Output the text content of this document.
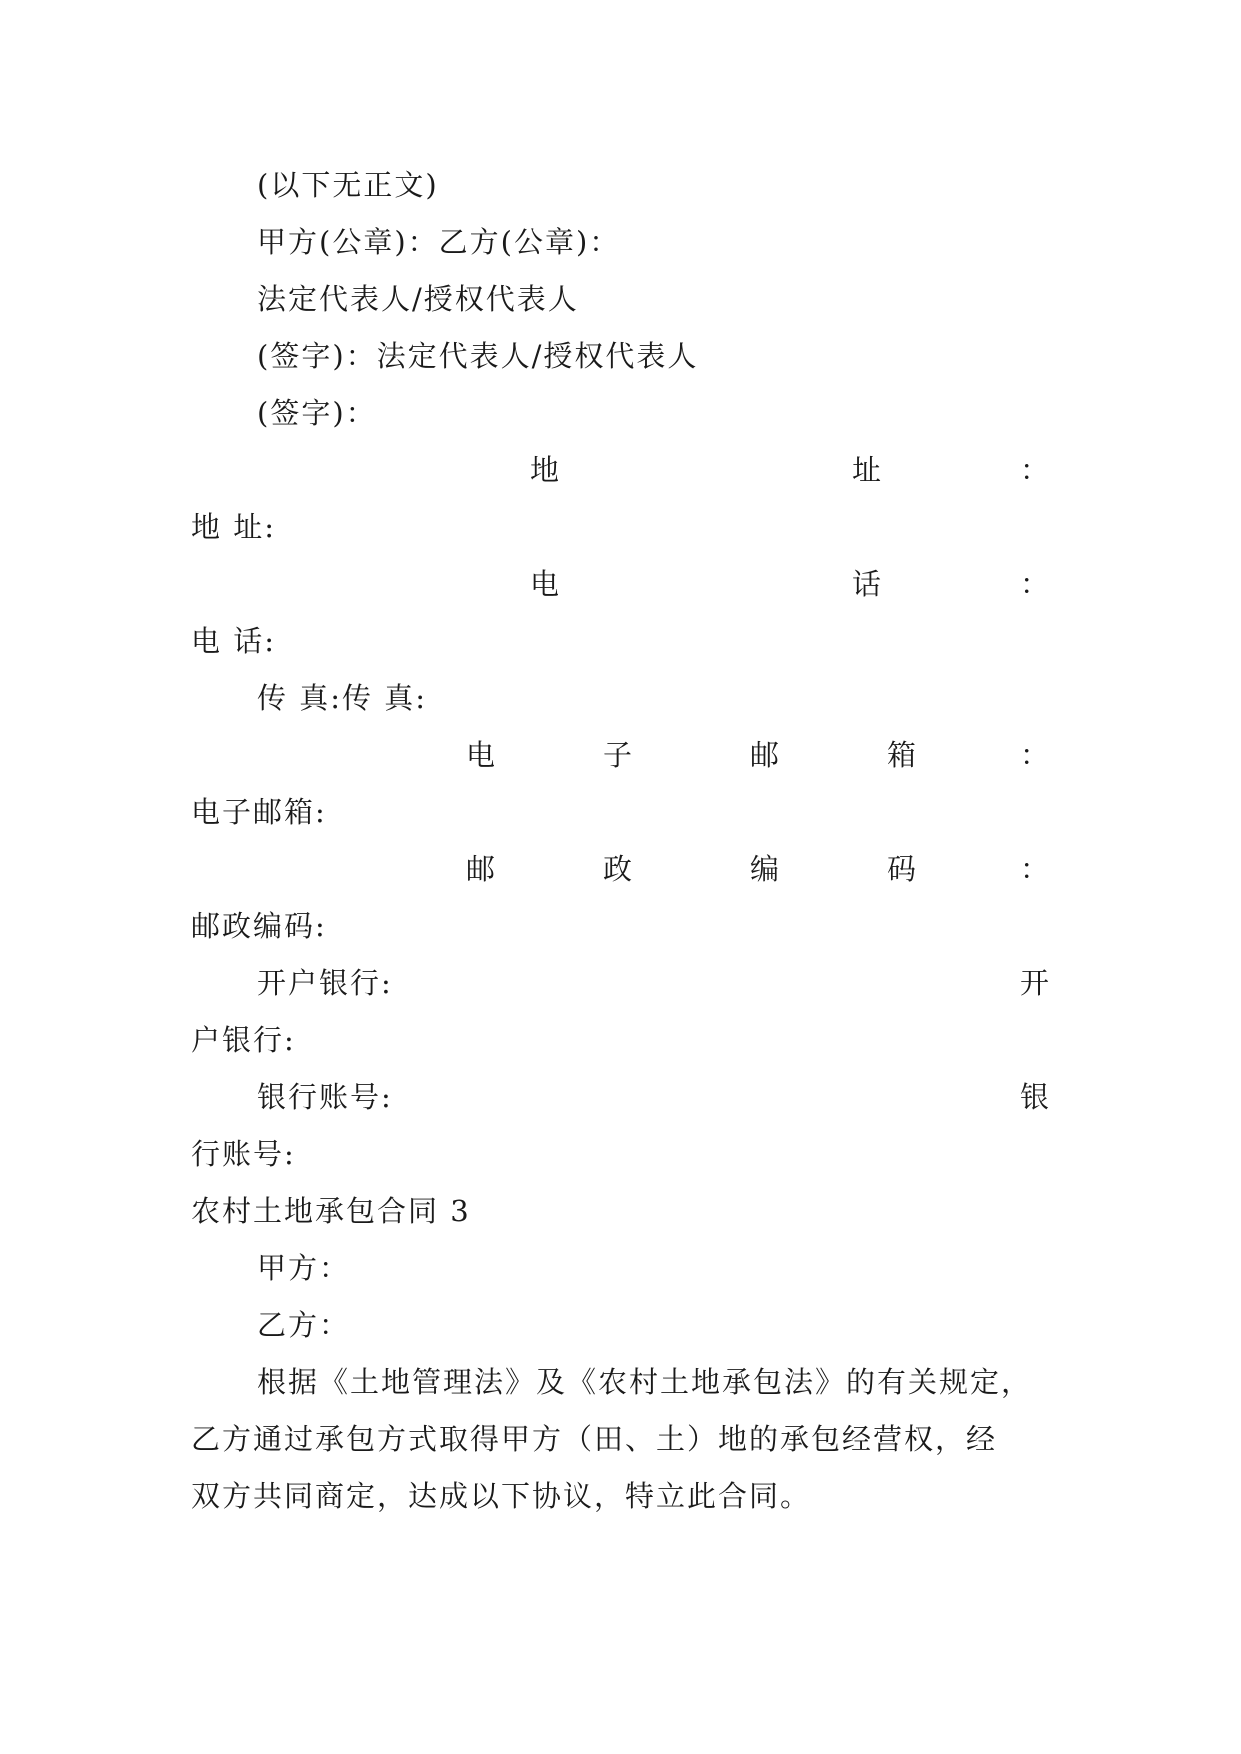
(以下无正文)
甲方(公章)：乙方(公章)：
法定代表人/授权代表人
(签字)：法定代表人/授权代表人
(签字)：
地	址	：
地 址:
电	话	：
电 话:
传 真:传 真:
电	子	邮	箱	：
电子邮箱:
邮	政	编	码	：
邮政编码:
开户银行:	开
户银行:
银行账号:	银
行账号:
农村土地承包合同 3
甲方：
乙方：
根据《土地管理法》及《农村土地承包法》的有关规定，
乙方通过承包方式取得甲方（田、土）地的承包经营权，经
双方共同商定，达成以下协议，特立此合同。
